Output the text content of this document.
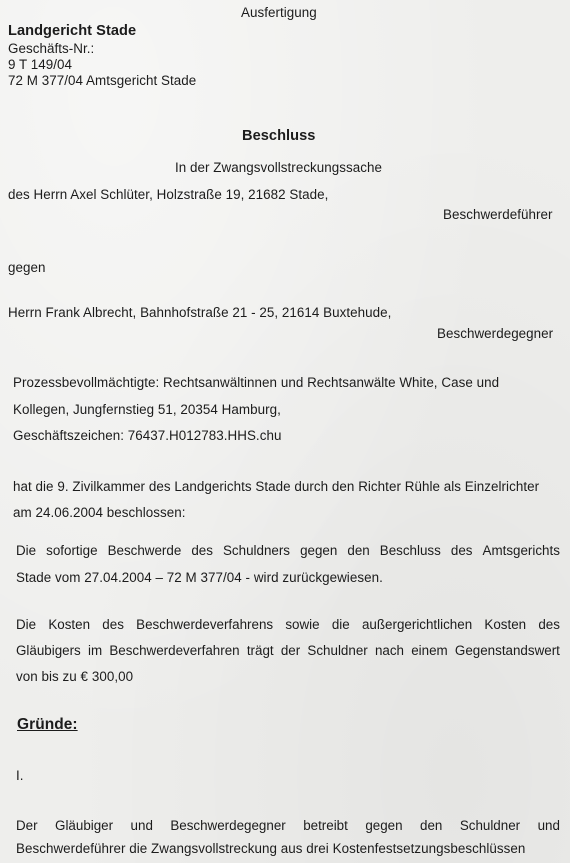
Ausfertigung
Landgericht Stade
Geschäfts-Nr.:
9 T 149/04
72 M 377/04 Amtsgericht Stade
Beschluss
In der Zwangsvollstreckungssache
des Herrn Axel Schlüter, Holzstraße 19, 21682 Stade,
Beschwerdeführer
gegen
Herrn Frank Albrecht, Bahnhofstraße 21 - 25, 21614 Buxtehude,
Beschwerdegegner
Prozessbevollmächtigte: Rechtsanwältinnen und Rechtsanwälte White, Case und
Kollegen, Jungfernstieg 51, 20354 Hamburg,
Geschäftszeichen: 76437.H012783.HHS.chu
hat die 9. Zivilkammer des Landgerichts Stade durch den Richter Rühle als Einzelrichter
am 24.06.2004 beschlossen:
Die sofortige Beschwerde des Schuldners gegen den Beschluss des Amtsgerichts
Stade vom 27.04.2004 – 72 M 377/04 - wird zurückgewiesen.
Die Kosten des Beschwerdeverfahrens sowie die außergerichtlichen Kosten des
Gläubigers im Beschwerdeverfahren trägt der Schuldner nach einem Gegenstandswert
von bis zu € 300,00
Gründe:
I.
Der Gläubiger und Beschwerdegegner betreibt gegen den Schuldner und
Beschwerdeführer die Zwangsvollstreckung aus drei Kostenfestsetzungsbeschlüssen
